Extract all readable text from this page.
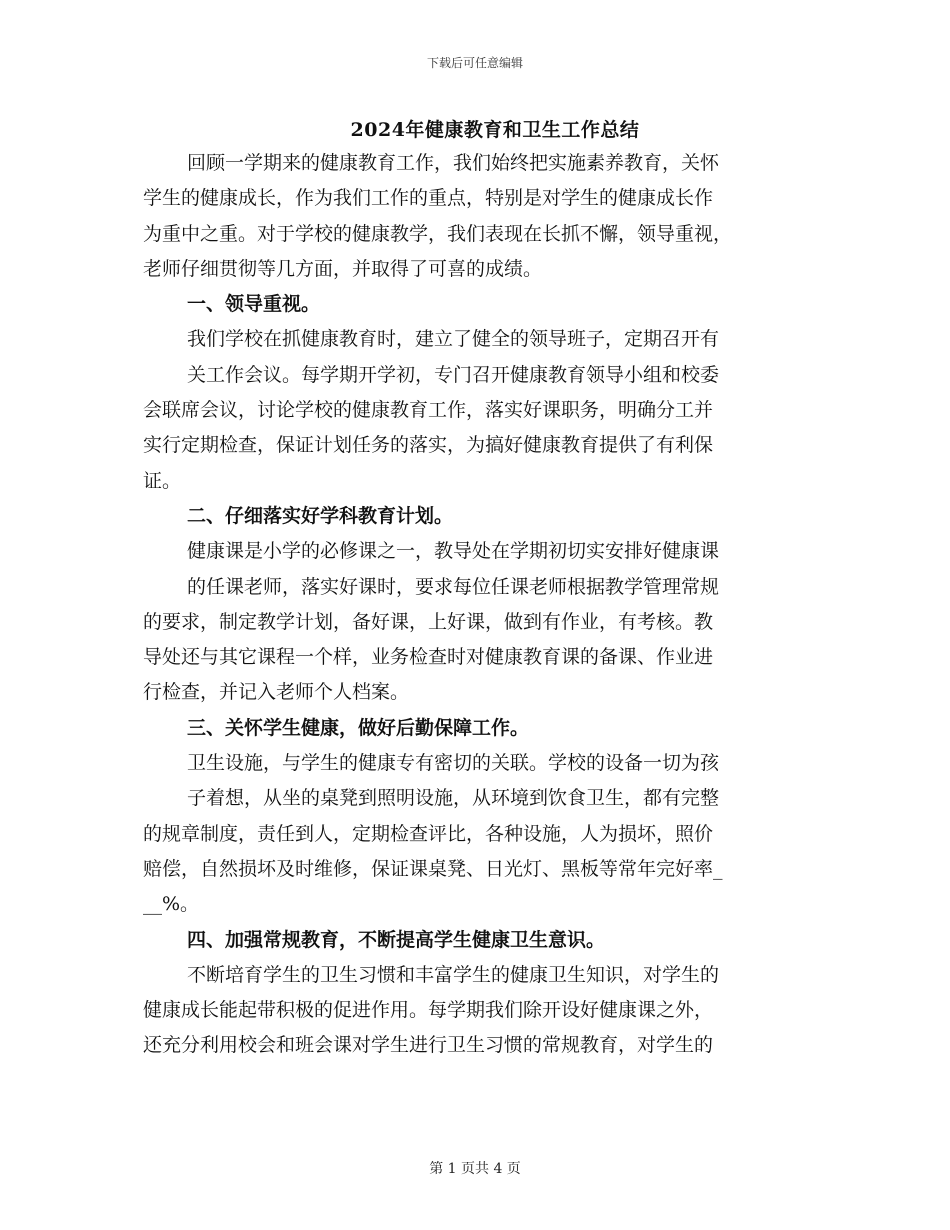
下载后可任意编辑
2024年健康教育和卫生工作总结
回顾一学期来的健康教育工作，我们始终把实施素养教育，关怀
学生的健康成长，作为我们工作的重点，特别是对学生的健康成长作
为重中之重。对于学校的健康教学，我们表现在长抓不懈，领导重视，
老师仔细贯彻等几方面，并取得了可喜的成绩。
一、领导重视。
我们学校在抓健康教育时，建立了健全的领导班子，定期召开有
关工作会议。每学期开学初，专门召开健康教育领导小组和校委
会联席会议，讨论学校的健康教育工作，落实好课职务，明确分工并
实行定期检查，保证计划任务的落实，为搞好健康教育提供了有利保
证。
二、仔细落实好学科教育计划。
健康课是小学的必修课之一，教导处在学期初切实安排好健康课
的任课老师，落实好课时，要求每位任课老师根据教学管理常规
的要求，制定教学计划，备好课，上好课，做到有作业，有考核。教
导处还与其它课程一个样，业务检查时对健康教育课的备课、作业进
行检查，并记入老师个人档案。
三、关怀学生健康，做好后勤保障工作。
卫生设施，与学生的健康专有密切的关联。学校的设备一切为孩
子着想，从坐的桌凳到照明设施，从环境到饮食卫生，都有完整
的规章制度，责任到人，定期检查评比，各种设施，人为损坏，照价
赔偿，自然损坏及时维修，保证课桌凳、日光灯、黑板等常年完好率_
__%。
四、加强常规教育，不断提高学生健康卫生意识。
不断培育学生的卫生习惯和丰富学生的健康卫生知识，对学生的
健康成长能起带积极的促进作用。每学期我们除开设好健康课之外，
还充分利用校会和班会课对学生进行卫生习惯的常规教育，对学生的
第 1 页共 4 页
